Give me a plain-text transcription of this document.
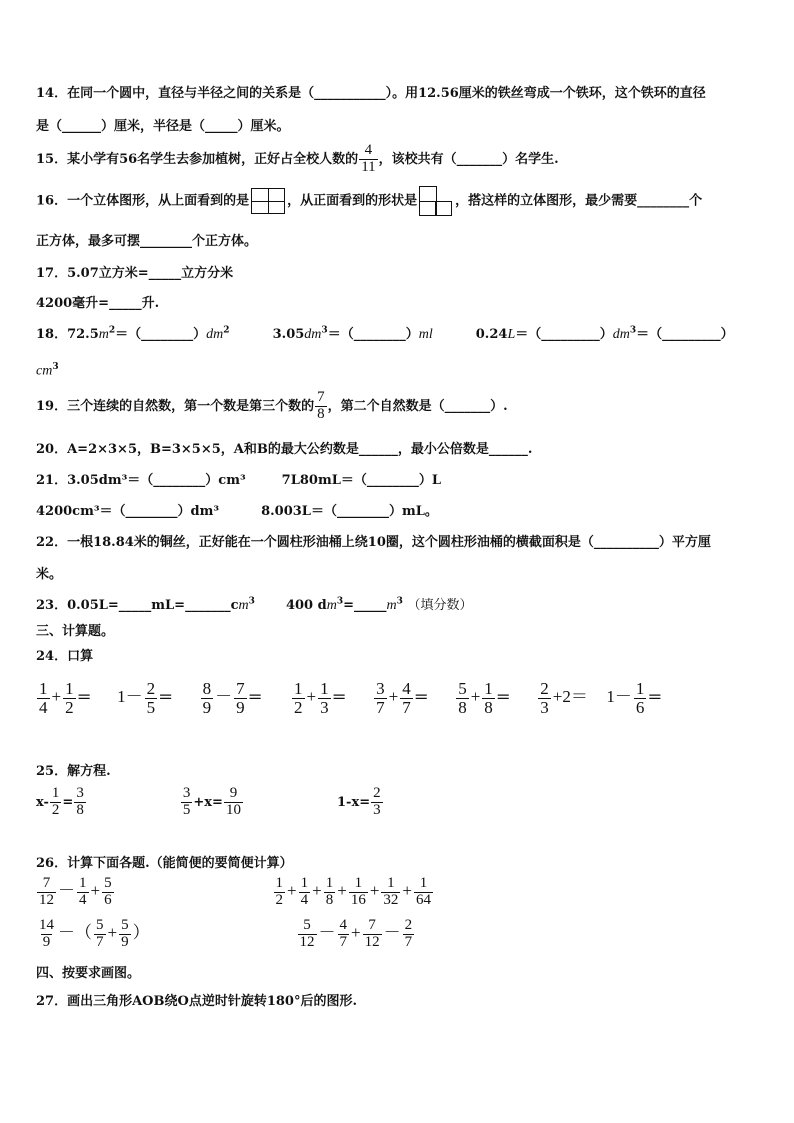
14．在同一个圆中，直径与半径之间的关系是（___________）。用12.56厘米的铁丝弯成一个铁环，这个铁环的直径
是（______）厘米，半径是（_____）厘米。
15．某小学有56名学生去参加植树，正好占全校人数的 $\frac{4}{11}$ ，该校共有（_______）名学生.
16．一个立体图形，从上面看到的是	，从正面看到的形状是	，搭这样的立体图形，最少需要________个
正方体，最多可摆________个正方体。
17．5.07立方米=_____立方分米
4200毫升=_____升.
18．$72.5m^2=(\_\_\_\_\_\_\_\_)dm^2$	$3.05dm^3=(\_\_\_\_\_\_\_\_)ml$	$0.24L=(\_\_\_\_\_\_\_\_\_)dm^3=(\_\_\_\_\_\_\_\_\_)$
$cm^3$
19．三个连续的自然数，第一个数是第三个数的 $\frac{7}{8}$ ，第二个自然数是（_______）.
20．A=2×3×5，B=3×5×5，A和B的最大公约数是______，最小公倍数是______.
21．3.05dm³＝（________）cm³	7L80mL＝（________）L
4200cm³＝（________）dm³	8.003L＝（________）mL。
22．一根18.84米的铜丝，正好能在一个圆柱形油桶上绕10圈，这个圆柱形油桶的横截面积是（__________）平方厘
米。
23．$0.05L=\_\_\_\_\_mL=\_\_\_\_\_\_\_cm^3$ 400 $dm^3=\_\_\_\_\_m^3$ （填分数）
三、计算题。
24．口算
$\frac{1}{4} + \frac{1}{2} = 1- \frac{2}{5} = \frac{8}{9} - \frac{7}{9} = \frac{1}{2} + \frac{1}{3} = \frac{3}{7} + \frac{4}{7} = \frac{5}{8} + \frac{1}{8} = \frac{2}{3} +2= 1- \frac{1}{6}$ ＝
25．解方程.
$x- \frac{1}{2} = \frac{3}{8}$
	$\frac{3}{5} +x= \frac{9}{10}$	$1-x= \frac{2}{3}$
26．计算下面各题.（能简便的要简便计算）
$\frac{7}{12} - \frac{1}{4} + \frac{5}{6}$
	$\frac{1}{2} + \frac{1}{4} + \frac{1}{8} + \frac{1}{16} + \frac{1}{32} + \frac{1}{64}$
$\frac{14}{9}$ －（ $\frac{5}{7} + \frac{5}{9}$ ）	$\frac{5}{12} - \frac{4}{7} + \frac{7}{12} - \frac{2}{7}$
四、按要求画图。
27．画出三角形AOB绕O点逆时针旋转180°后的图形.
